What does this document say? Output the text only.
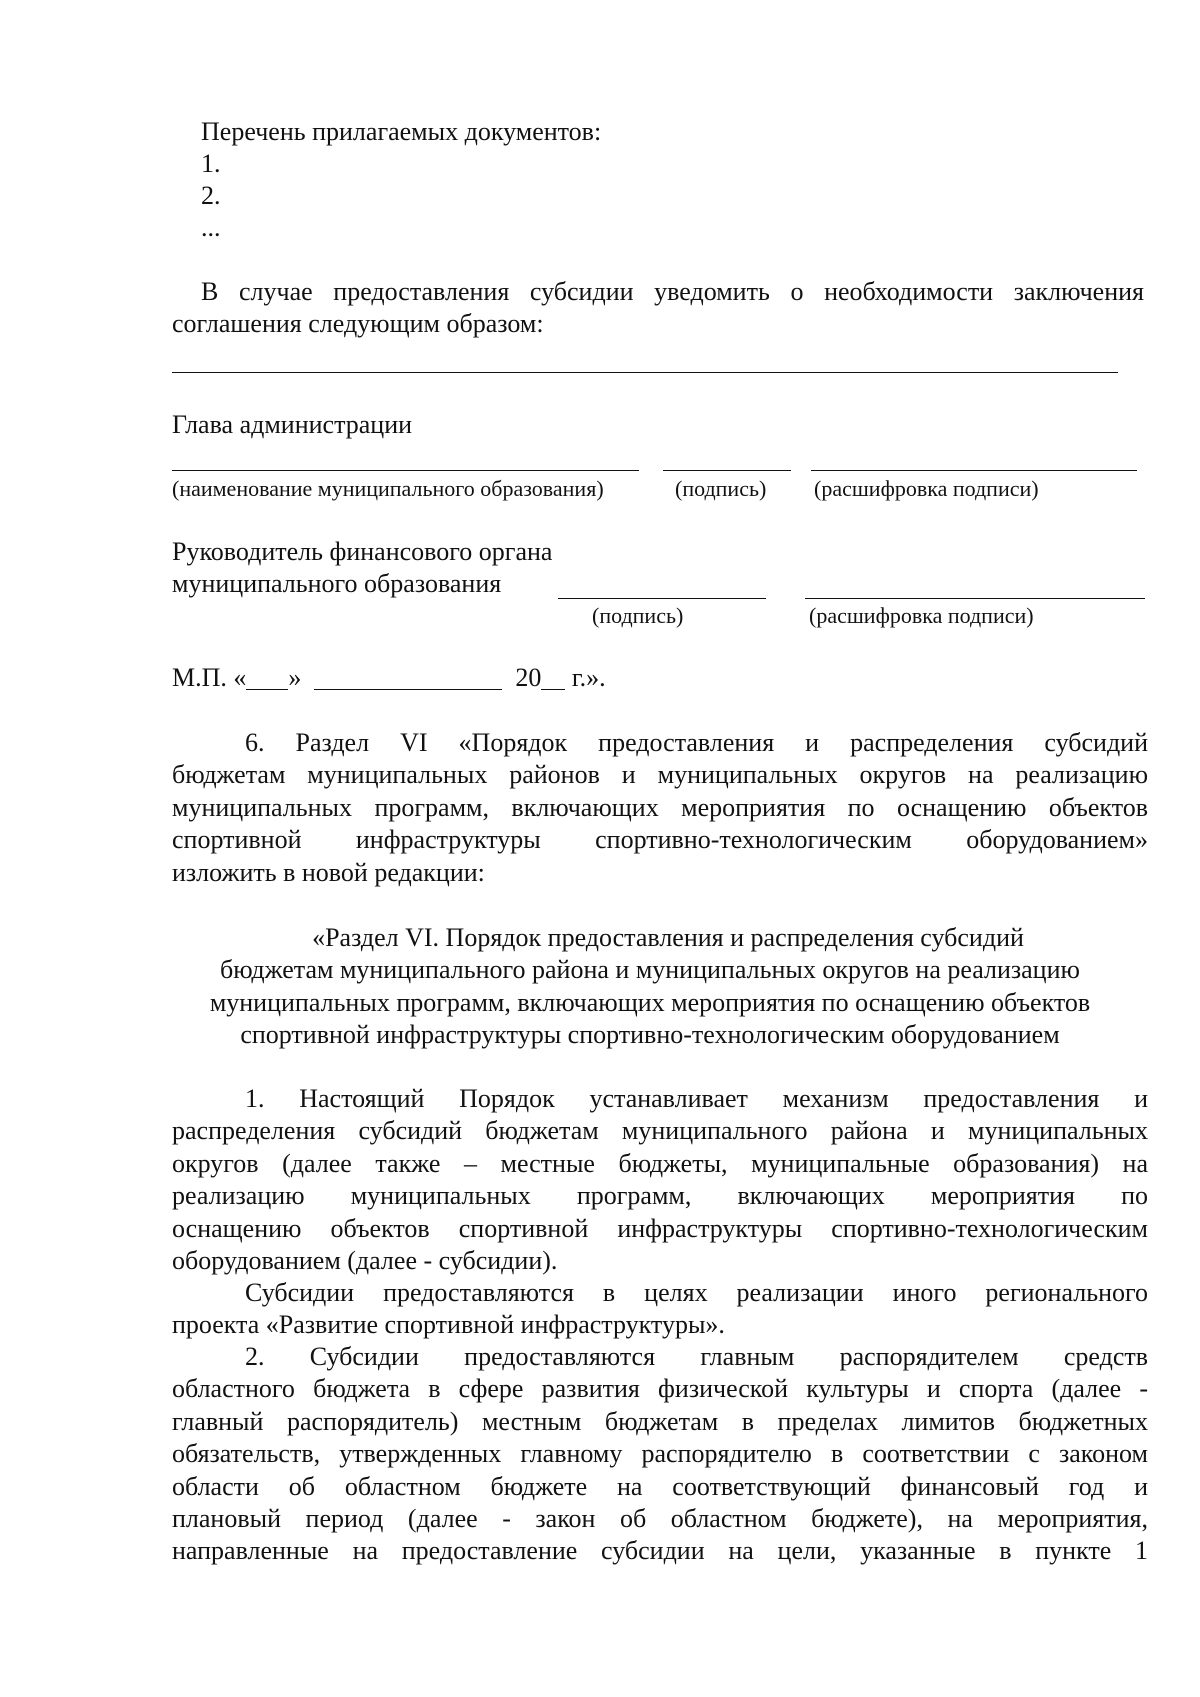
Перечень прилагаемых документов:
1.
2.
...
В случае предоставления субсидии уведомить о необходимости заключения
соглашения следующим образом:
Глава администрации
(наименование муниципального образования)	(подпись) (расшифровка подписи)
Руководитель финансового органа
муниципального образования
(подпись)	(расшифровка подписи)
М.П. « »	20 г.».
6. Раздел VI «Порядок предоставления и распределения субсидий
бюджетам муниципальных районов и муниципальных округов на реализацию
муниципальных программ, включающих мероприятия по оснащению объектов
спортивной инфраструктуры спортивно-технологическим оборудованием»
изложить в новой редакции:
«Раздел VI. Порядок предоставления и распределения субсидий
бюджетам муниципального района и муниципальных округов на реализацию
муниципальных программ, включающих мероприятия по оснащению объектов
спортивной инфраструктуры спортивно-технологическим оборудованием
1. Настоящий Порядок устанавливает механизм предоставления и
распределения субсидий бюджетам муниципального района и муниципальных
округов (далее также – местные бюджеты, муниципальные образования) на
реализацию муниципальных программ, включающих мероприятия по
оснащению объектов спортивной инфраструктуры спортивно-технологическим
оборудованием (далее - субсидии).
Субсидии предоставляются в целях реализации иного регионального
проекта «Развитие спортивной инфраструктуры».
2. Субсидии предоставляются главным распорядителем средств
областного бюджета в сфере развития физической культуры и спорта (далее -
главный распорядитель) местным бюджетам в пределах лимитов бюджетных
обязательств, утвержденных главному распорядителю в соответствии с законом
области об областном бюджете на соответствующий финансовый год и
плановый период (далее - закон об областном бюджете), на мероприятия,
направленные на предоставление субсидии на цели, указанные в пункте 1
